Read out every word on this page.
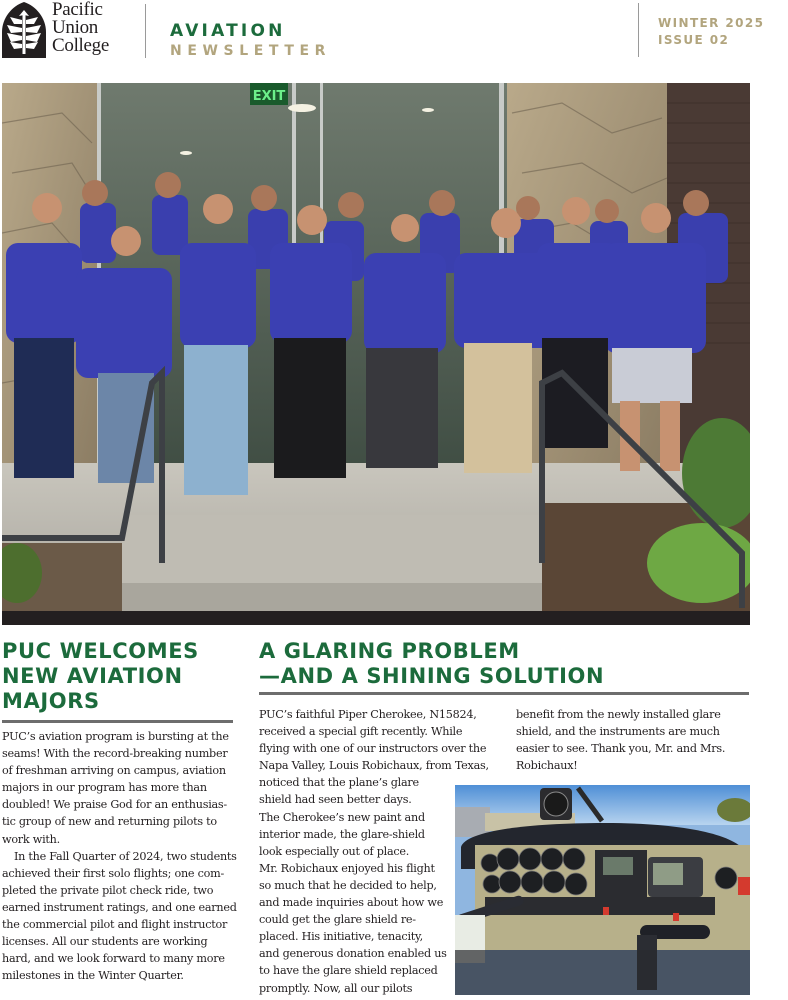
Pacific
Union
College
AVIATION
NEWSLETTER
WINTER 2025
ISSUE 02
EXIT
PUC WELCOMES
NEW AVIATION
MAJORS

PUC’s aviation program is bursting at the
seams! With the record-breaking number
of freshman arriving on campus, aviation
majors in our program has more than
doubled! We praise God for an enthusias-
tic group of new and returning pilots to
work with.

In the Fall Quarter of 2024, two students
achieved their first solo flights; one com-
pleted the private pilot check ride, two
earned instrument ratings, and one earned
the commercial pilot and flight instructor
licenses. All our students are working
hard, and we look forward to many more
milestones in the Winter Quarter.

A GLARING PROBLEM
—AND A SHINING SOLUTION
PUC’s faithful Piper Cherokee, N15824,
received a special gift recently. While
flying with one of our instructors over the
Napa Valley, Louis Robichaux, from Texas,
noticed that the plane’s glare
shield had seen better days.
The Cherokee’s new paint and
interior made, the glare-shield
look especially out of place.
Mr. Robichaux enjoyed his flight
so much that he decided to help,
and made inquiries about how we
could get the glare shield re-
placed. His initiative, tenacity,
and generous donation enabled us
to have the glare shield replaced
promptly. Now, all our pilots
benefit from the newly installed glare
shield, and the instruments are much
easier to see. Thank you, Mr. and Mrs.
Robichaux!
